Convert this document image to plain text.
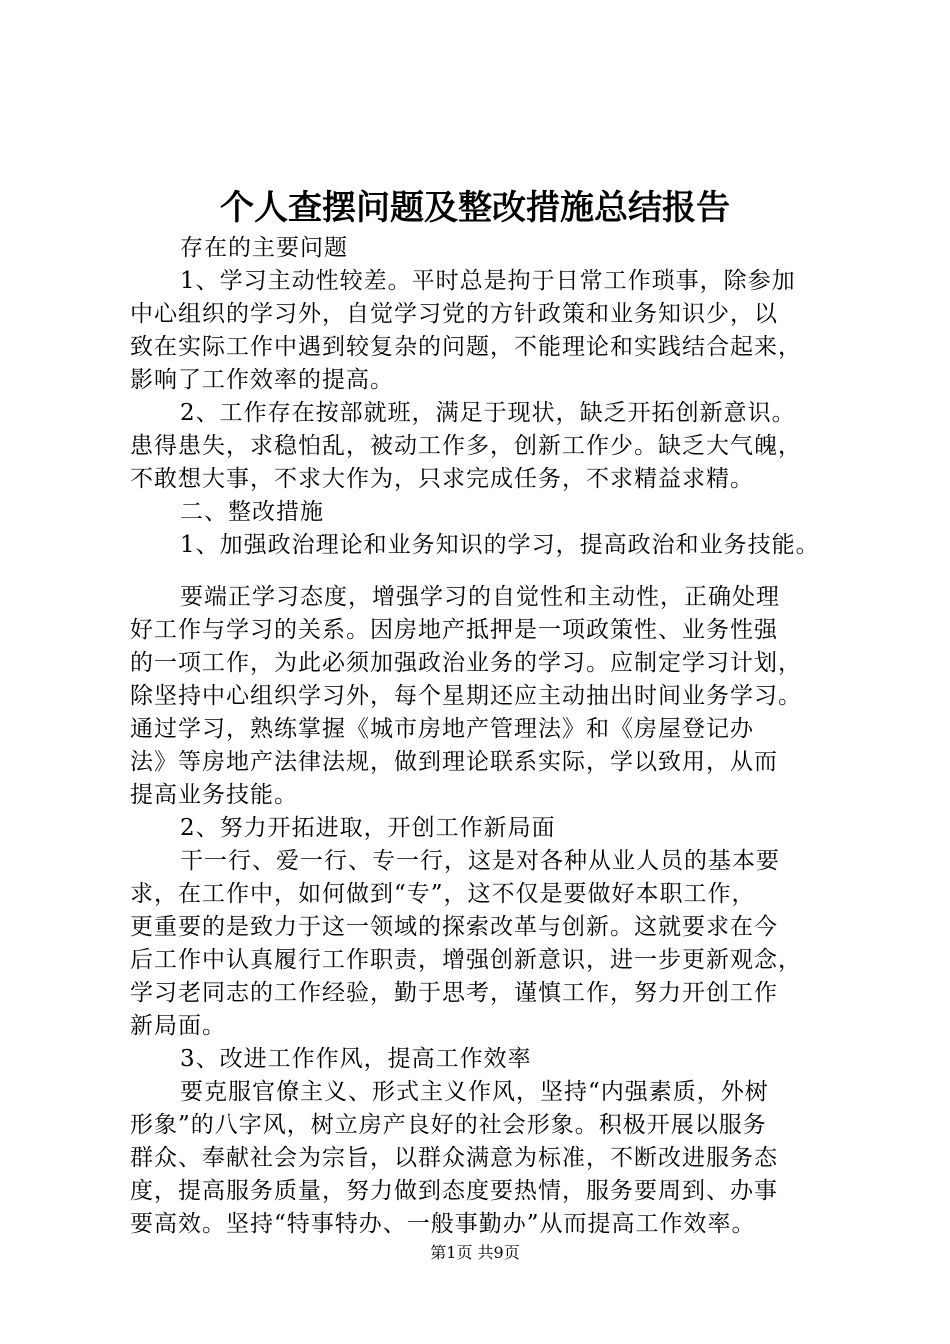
个人查摆问题及整改措施总结报告
存在的主要问题
1、学习主动性较差。平时总是拘于日常工作琐事，除参加
中心组织的学习外，自觉学习党的方针政策和业务知识少，以
致在实际工作中遇到较复杂的问题，不能理论和实践结合起来，
影响了工作效率的提高。
2、工作存在按部就班，满足于现状，缺乏开拓创新意识。
患得患失，求稳怕乱，被动工作多，创新工作少。缺乏大气魄，
不敢想大事，不求大作为，只求完成任务，不求精益求精。
二、整改措施
1、加强政治理论和业务知识的学习，提高政治和业务技能。
要端正学习态度，增强学习的自觉性和主动性，正确处理
好工作与学习的关系。因房地产抵押是一项政策性、业务性强
的一项工作，为此必须加强政治业务的学习。应制定学习计划，
除坚持中心组织学习外，每个星期还应主动抽出时间业务学习。
通过学习，熟练掌握《城市房地产管理法》和《房屋登记办
法》等房地产法律法规，做到理论联系实际，学以致用，从而
提高业务技能。
2、努力开拓进取，开创工作新局面
干一行、爱一行、专一行，这是对各种从业人员的基本要
求，在工作中，如何做到“专”，这不仅是要做好本职工作，
更重要的是致力于这一领域的探索改革与创新。这就要求在今
后工作中认真履行工作职责，增强创新意识，进一步更新观念，
学习老同志的工作经验，勤于思考，谨慎工作，努力开创工作
新局面。
3、改进工作作风，提高工作效率
要克服官僚主义、形式主义作风，坚持“内强素质，外树
形象”的八字风，树立房产良好的社会形象。积极开展以服务
群众、奉献社会为宗旨，以群众满意为标准，不断改进服务态
度，提高服务质量，努力做到态度要热情，服务要周到、办事
要高效。坚持“特事特办、一般事勤办”从而提高工作效率。
第1页 共9页
